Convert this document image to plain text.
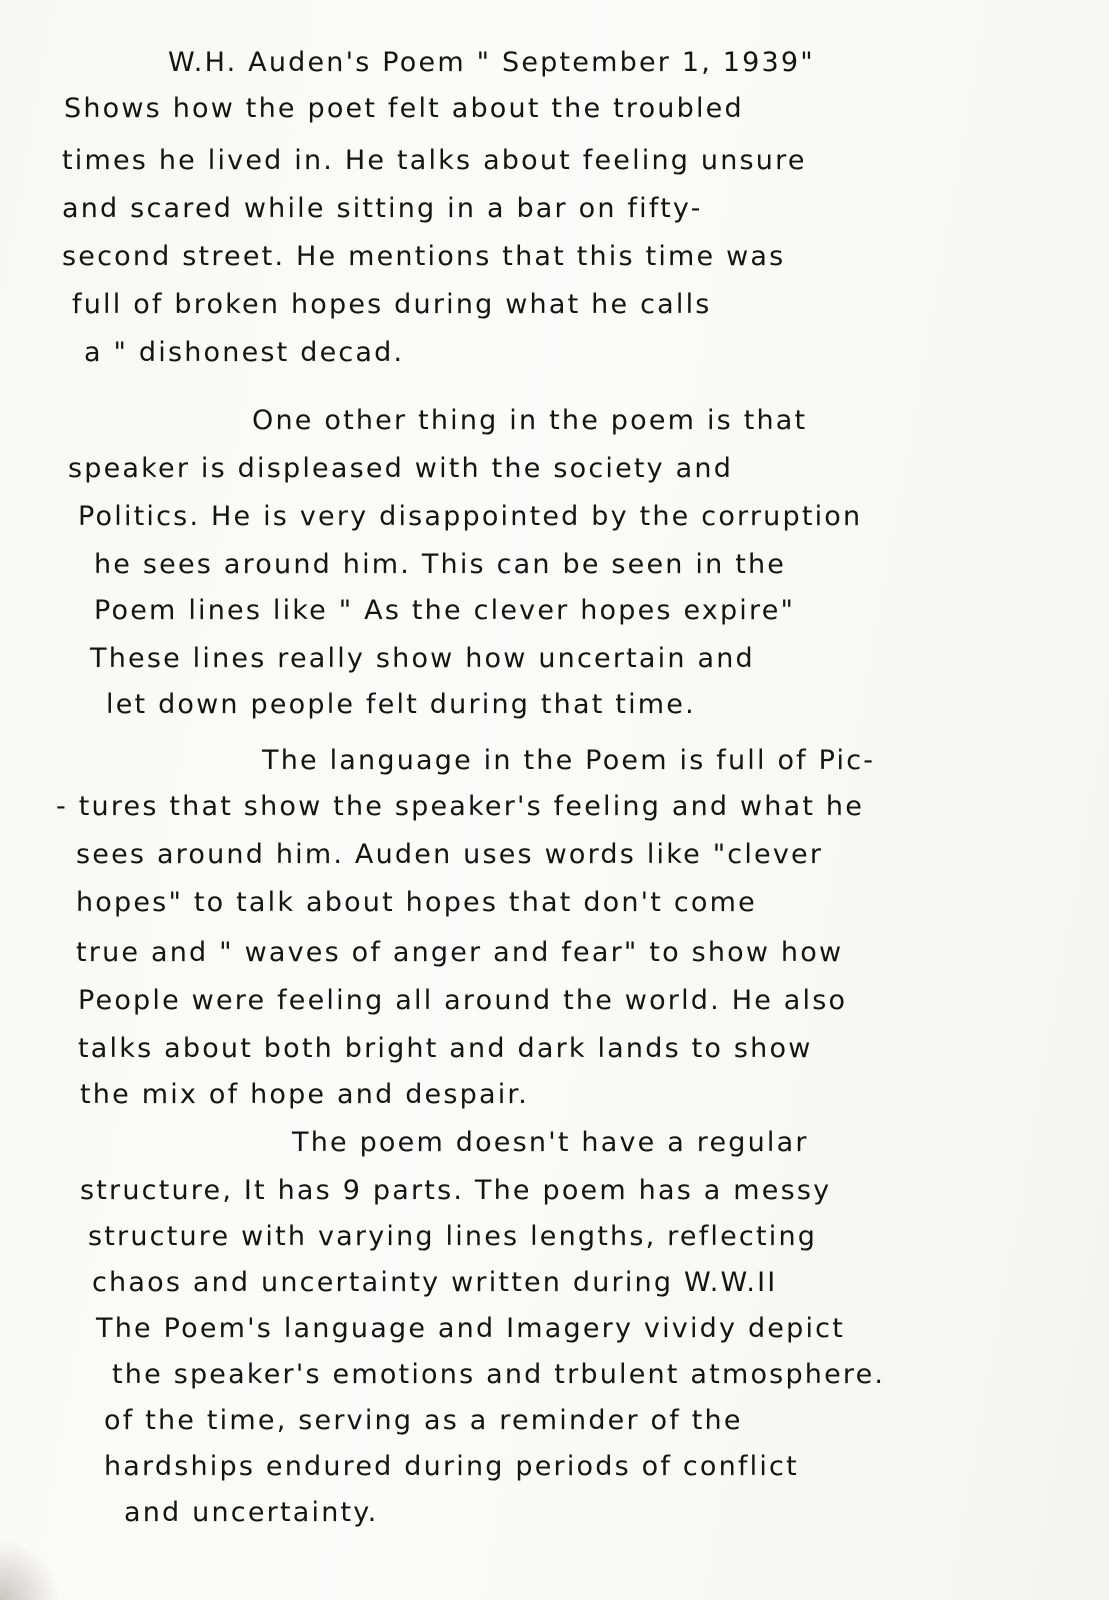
W.H. Auden's Poem " September 1, 1939"
Shows how the poet felt about the troubled
times he lived in. He talks about feeling unsure
and scared while sitting in a bar on fifty-
second street. He mentions that this time was
full of broken hopes during what he calls
a " dishonest decad.
One other thing in the poem is that
speaker is displeased with the society and
Politics. He is very disappointed by the corruption
he sees around him. This can be seen in the
Poem lines like " As the clever hopes expire"
These lines really show how uncertain and
let down people felt during that time.
The language in the Poem is full of Pic-
- tures that show the speaker's feeling and what he
sees around him. Auden uses words like "clever
hopes" to talk about hopes that don't come
true and " waves of anger and fear" to show how
People were feeling all around the world. He also
talks about both bright and dark lands to show
the mix of hope and despair.
The poem doesn't have a regular
structure, It has 9 parts. The poem has a messy
structure with varying lines lengths, reflecting
chaos and uncertainty written during W.W.II
The Poem's language and Imagery vividy depict
the speaker's emotions and trbulent atmosphere.
of the time, serving as a reminder of the
hardships endured during periods of conflict
and uncertainty.
